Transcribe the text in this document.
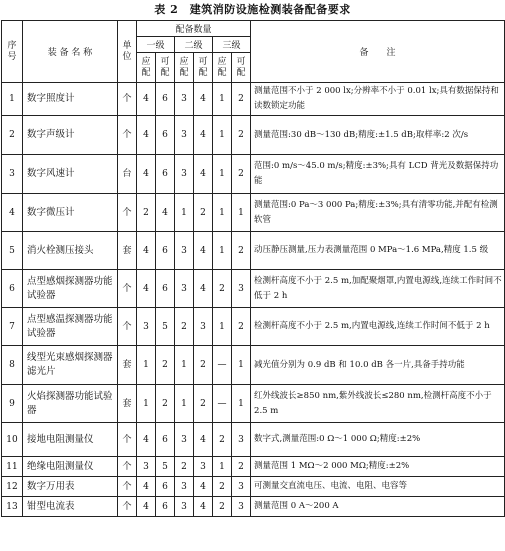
表 2　建筑消防设施检测装备配备要求
序号	装 备 名 称	单位	配备数量						备　　注
			一级		二级		三级		
			应配	可配	应配	可配	应配	可配	
1	数字照度计	个	4	6	3	4	1	2	测量范围不小于 2 000 lx;分辨率不小于 0.01 lx;具有数据保持和读数锁定功能
2	数字声级计	个	4	6	3	4	1	2	测量范围:30 dB～130 dB;精度:±1.5 dB;取样率:2 次/s
3	数字风速计	台	4	6	3	4	1	2	范围:0 m/s～45.0 m/s;精度:±3%;具有 LCD 背光及数据保持功能
4	数字微压计	个	2	4	1	2	1	1	测量范围:0 Pa～3 000 Pa;精度:±3%;具有清零功能,并配有检测软管
5	消火栓测压接头	套	4	6	3	4	1	2	动压静压测量,压力表测量范围 0 MPa～1.6 MPa,精度 1.5 级
6	点型感烟探测器功能试验器	个	4	6	3	4	2	3	检测杆高度不小于 2.5 m,加配聚烟罩,内置电源线,连续工作时间不低于 2 h
7	点型感温探测器功能试验器	个	3	5	2	3	1	2	检测杆高度不小于 2.5 m,内置电源线,连续工作时间不低于 2 h
8	线型光束感烟探测器滤光片	套	1	2	1	2	—	1	减光值分别为 0.9 dB 和 10.0 dB 各一片,具备手持功能
9	火焰探测器功能试验器	套	1	2	1	2	—	1	红外线波长≥850 nm,紫外线波长≤280 nm,检测杆高度不小于 2.5 m
10	接地电阻测量仪	个	4	6	3	4	2	3	数字式,测量范围:0 Ω～1 000 Ω;精度:±2%
11	绝缘电阻测量仪	个	3	5	2	3	1	2	测量范围 1 MΩ～2 000 MΩ;精度:±2%
12	数字万用表	个	4	6	3	4	2	3	可测量交直流电压、电流、电阻、电容等
13	钳型电流表	个	4	6	3	4	2	3	测量范围 0 A～200 A
